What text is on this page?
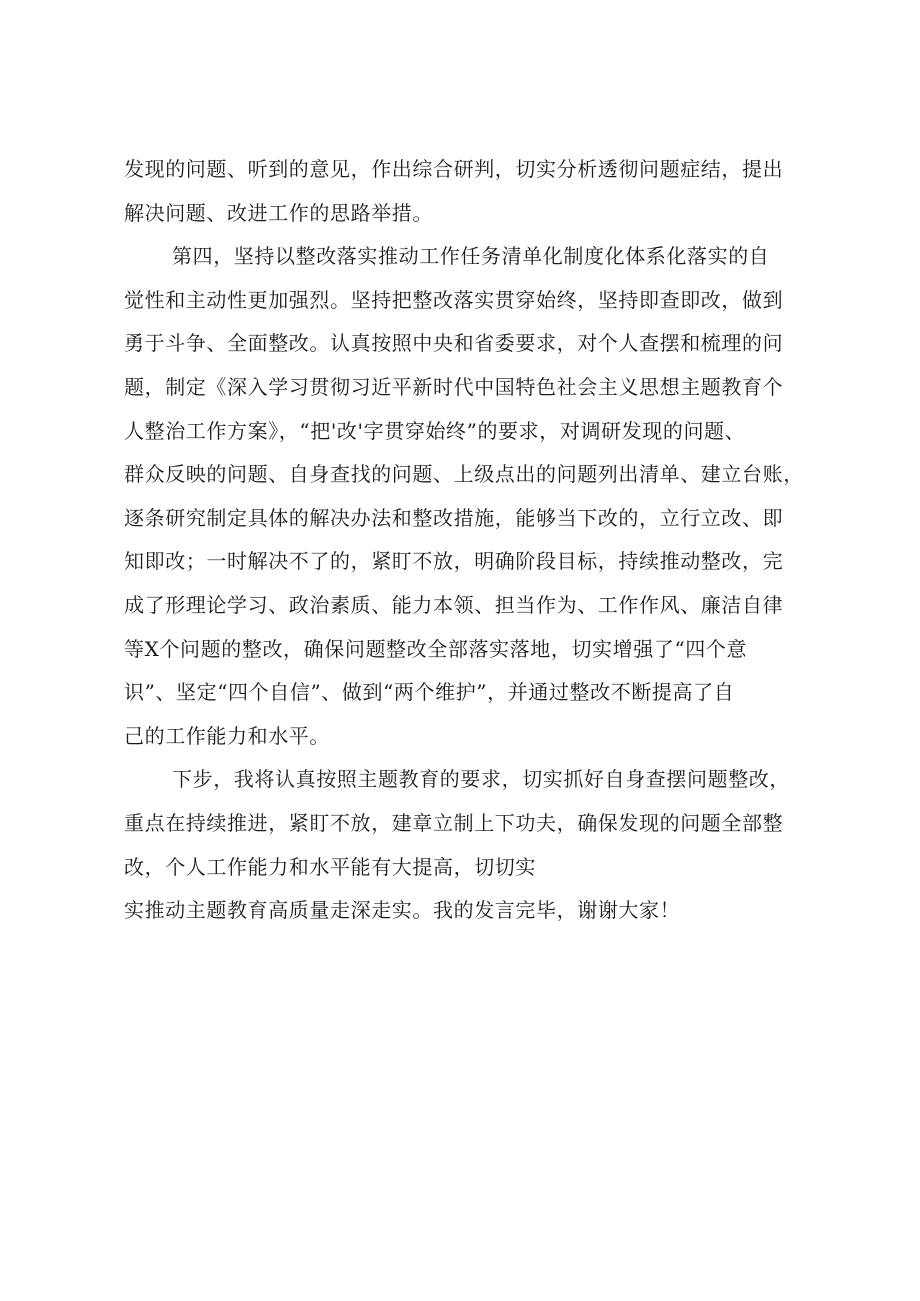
发现的问题、听到的意见，作出综合研判，切实分析透彻问题症结，提出
解决问题、改进工作的思路举措。
第四，坚持以整改落实推动工作任务清单化制度化体系化落实的自
觉性和主动性更加强烈。坚持把整改落实贯穿始终，坚持即查即改，做到
勇于斗争、全面整改。认真按照中央和省委要求，对个人查摆和梳理的问
题，制定《深入学习贯彻习近平新时代中国特色社会主义思想主题教育个
人整治工作方案》，“把'改'字贯穿始终”的要求，对调研发现的问题、
群众反映的问题、自身查找的问题、上级点出的问题列出清单、建立台账，
逐条研究制定具体的解决办法和整改措施，能够当下改的，立行立改、即
知即改；一时解决不了的，紧盯不放，明确阶段目标，持续推动整改，完
成了形理论学习、政治素质、能力本领、担当作为、工作作风、廉洁自律
等X个问题的整改，确保问题整改全部落实落地，切实增强了“四个意
识”、坚定“四个自信”、做到“两个维护”，并通过整改不断提高了自
己的工作能力和水平。
下步，我将认真按照主题教育的要求，切实抓好自身查摆问题整改，
重点在持续推进，紧盯不放，建章立制上下功夫，确保发现的问题全部整
改，个人工作能力和水平能有大提高，切切实
实推动主题教育高质量走深走实。我的发言完毕，谢谢大家！
